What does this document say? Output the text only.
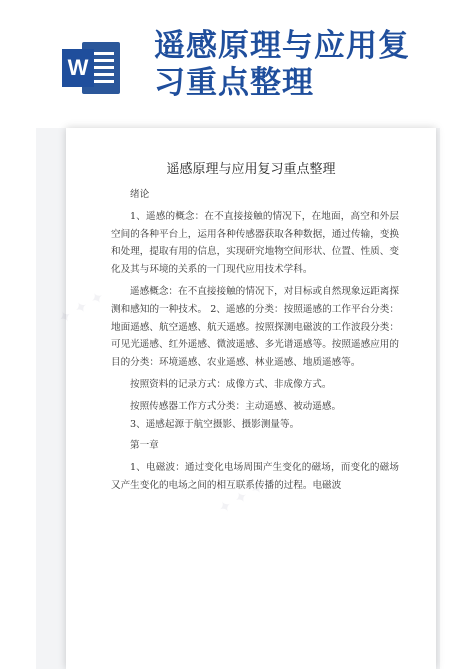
W
遥感原理与应用复
习重点整理
✦ ✦ ✦
✦ ✦ ✦
遥感原理与应用复习重点整理

绪论

1、遥感的概念：在不直接接触的情况下，在地面，高空和外层空间的各种平台上，运用各种传感器获取各种数据，通过传输，变换和处理，提取有用的信息，实现研究地物空间形状、位置、性质、变化及其与环境的关系的一门现代应用技术学科。

遥感概念：在不直接接触的情况下，对目标或自然现象远距离探测和感知的一种技术。 2、遥感的分类：按照遥感的工作平台分类：地面遥感、航空遥感、航天遥感。按照探测电磁波的工作波段分类：可见光遥感、红外遥感、微波遥感、多光谱遥感等。按照遥感应用的目的分类：环境遥感、农业遥感、林业遥感、地质遥感等。

按照资料的记录方式：成像方式、非成像方式。

按照传感器工作方式分类：主动遥感、被动遥感。

3、遥感起源于航空摄影、摄影测量等。

第一章

1、电磁波：通过变化电场周围产生变化的磁场，而变化的磁场又产生变化的电场之间的相互联系传播的过程。电磁波
